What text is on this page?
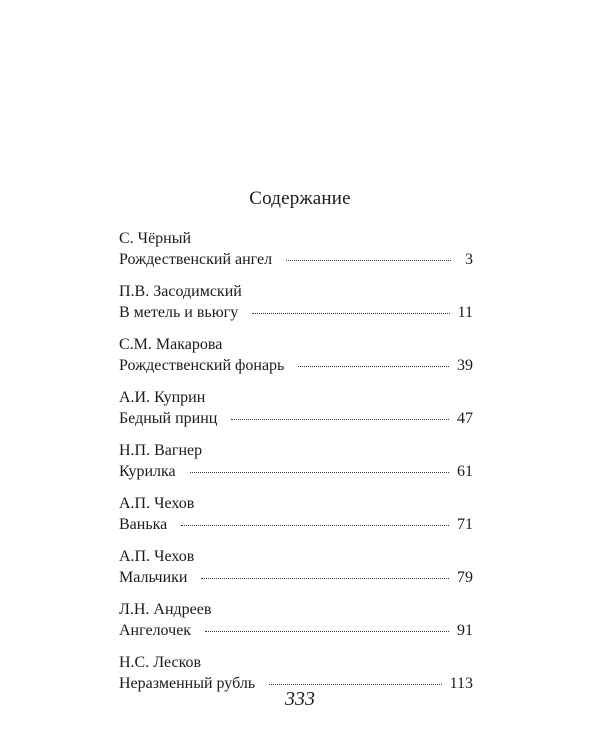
Содержание
С. Чёрный
Рождественский ангел	3
П.В. Засодимский
В метель и вьюгу	11
С.М. Макарова
Рождественский фонарь	39
А.И. Куприн
Бедный принц	47
Н.П. Вагнер
Курилка	61
А.П. Чехов
Ванька	71
А.П. Чехов
Мальчики	79
Л.Н. Андреев
Ангелочек	91
Н.С. Лесков
Неразменный рубль	113
333
